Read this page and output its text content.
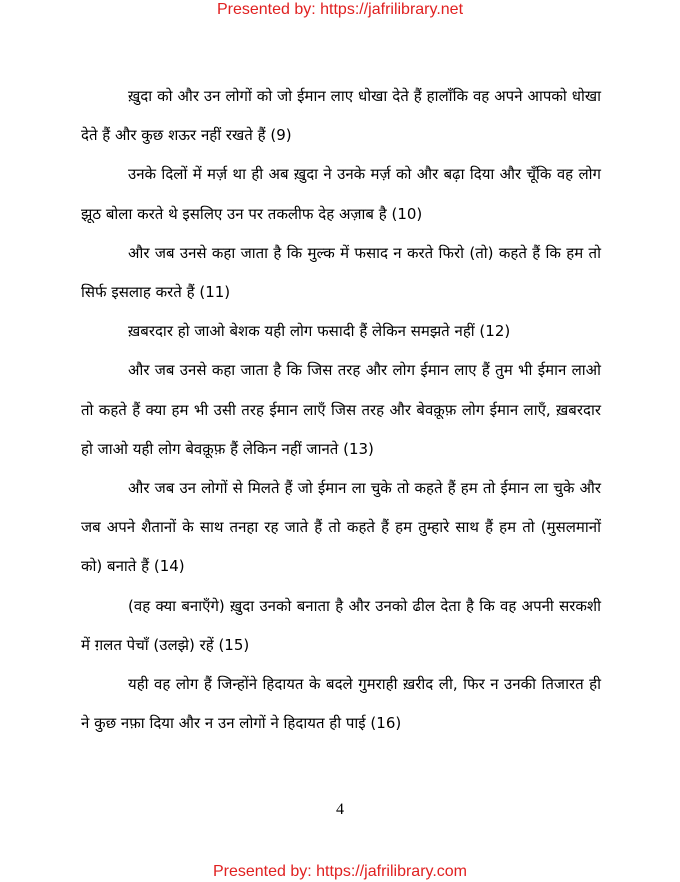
Presented by: https://jafrilibrary.net

ख़ुदा को और उन लोगों को जो ईमान लाए धोखा देते हैं हालाँकि वह अपने आपको धोखा देते हैं और कुछ शऊर नहीं रखते हैं (9)

उनके दिलों में मर्ज़ था ही अब ख़ुदा ने उनके मर्ज़ को और बढ़ा दिया और चूँकि वह लोग झूठ बोला करते थे इसलिए उन पर तकलीफ देह अज़ाब है (10)

और जब उनसे कहा जाता है कि मुल्क में फसाद न करते फिरो (तो) कहते हैं कि हम तो सिर्फ इसलाह करते हैं (11)

ख़बरदार हो जाओ बेशक यही लोग फसादी हैं लेकिन समझते नहीं (12)

और जब उनसे कहा जाता है कि जिस तरह और लोग ईमान लाए हैं तुम भी ईमान लाओ तो कहते हैं क्या हम भी उसी तरह ईमान लाएँ जिस तरह और बेवक़ूफ़ लोग ईमान लाएँ, ख़बरदार हो जाओ यही लोग बेवक़ूफ़ हैं लेकिन नहीं जानते (13)

और जब उन लोगों से मिलते हैं जो ईमान ला चुके तो कहते हैं हम तो ईमान ला चुके और जब अपने शैतानों के साथ तनहा रह जाते हैं तो कहते हैं हम तुम्हारे साथ हैं हम तो (मुसलमानों को) बनाते हैं (14)

(वह क्या बनाएँगे) ख़ुदा उनको बनाता है और उनको ढील देता है कि वह अपनी सरकशी में ग़लत पेचाँ (उलझे) रहें (15)

यही वह लोग हैं जिन्होंने हिदायत के बदले गुमराही ख़रीद ली, फिर न उनकी तिजारत ही ने कुछ नफ़ा दिया और न उन लोगों ने हिदायत ही पाई (16)

4
Presented by: https://jafrilibrary.com
